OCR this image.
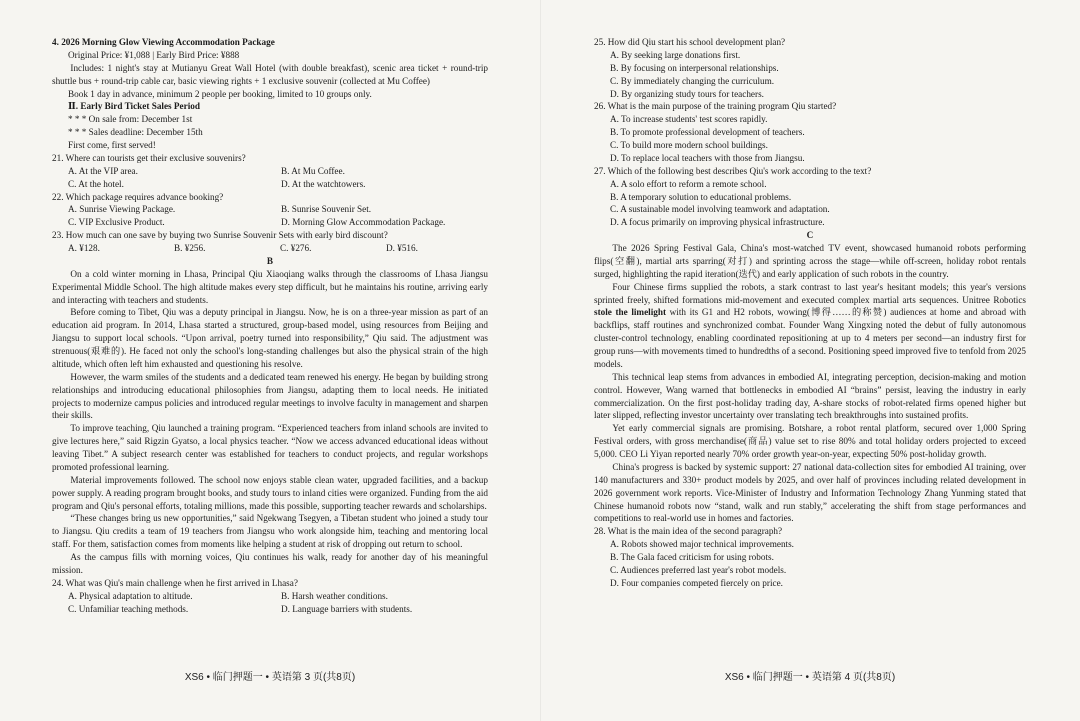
4. 2026 Morning Glow Viewing Accommodation Package

Original Price: ¥1,088 | Early Bird Price: ¥888

Includes: 1 night's stay at Mutianyu Great Wall Hotel (with double breakfast), scenic area ticket + round-trip shuttle bus + round-trip cable car, basic viewing rights + 1 exclusive souvenir (collected at Mu Coffee)

Book 1 day in advance, minimum 2 people per booking, limited to 10 groups only.

Ⅱ. Early Bird Ticket Sales Period

* * * On sale from: December 1st

* * * Sales deadline: December 15th

First come, first served!

21. Where can tourists get their exclusive souvenirs?

A. At the VIP area.	B. At Mu Coffee.
C. At the hotel.	D. At the watchtowers.

22. Which package requires advance booking?

A. Sunrise Viewing Package.	B. Sunrise Souvenir Set.
C. VIP Exclusive Product.	D. Morning Glow Accommodation Package.

23. How much can one save by buying two Sunrise Souvenir Sets with early bird discount?

A. ¥128.	B. ¥256.	C. ¥276.	D. ¥516.

B

On a cold winter morning in Lhasa, Principal Qiu Xiaoqiang walks through the classrooms of Lhasa Jiangsu Experimental Middle School. The high altitude makes every step difficult, but he maintains his routine, arriving early and interacting with teachers and students.

Before coming to Tibet, Qiu was a deputy principal in Jiangsu. Now, he is on a three-year mission as part of an education aid program. In 2014, Lhasa started a structured, group-based model, using resources from Beijing and Jiangsu to support local schools. “Upon arrival, poetry turned into responsibility,” Qiu said. The adjustment was strenuous(艰难的). He faced not only the school's long-standing challenges but also the physical strain of the high altitude, which often left him exhausted and questioning his resolve.

However, the warm smiles of the students and a dedicated team renewed his energy. He began by building strong relationships and introducing educational philosophies from Jiangsu, adapting them to local needs. He initiated projects to modernize campus policies and introduced regular meetings to involve faculty in management and sharpen their skills.

To improve teaching, Qiu launched a training program. “Experienced teachers from inland schools are invited to give lectures here,” said Rigzin Gyatso, a local physics teacher. “Now we access advanced educational ideas without leaving Tibet.” A subject research center was established for teachers to conduct projects, and regular workshops promoted professional learning.

Material improvements followed. The school now enjoys stable clean water, upgraded facilities, and a backup power supply. A reading program brought books, and study tours to inland cities were organized. Funding from the aid program and Qiu's personal efforts, totaling millions, made this possible, supporting teacher rewards and scholarships.

“These changes bring us new opportunities,” said Ngekwang Tsegyen, a Tibetan student who joined a study tour to Jiangsu. Qiu credits a team of 19 teachers from Jiangsu who work alongside him, teaching and mentoring local staff. For them, satisfaction comes from moments like helping a student at risk of dropping out return to school.

As the campus fills with morning voices, Qiu continues his walk, ready for another day of his meaningful mission.

24. What was Qiu's main challenge when he first arrived in Lhasa?

A. Physical adaptation to altitude.	B. Harsh weather conditions.
C. Unfamiliar teaching methods.	D. Language barriers with students.
XS6 • 临门押题一 • 英语第 3 页(共8页)

25. How did Qiu start his school development plan?

A. By seeking large donations first.

B. By focusing on interpersonal relationships.

C. By immediately changing the curriculum.

D. By organizing study tours for teachers.

26. What is the main purpose of the training program Qiu started?

A. To increase students' test scores rapidly.

B. To promote professional development of teachers.

C. To build more modern school buildings.

D. To replace local teachers with those from Jiangsu.

27. Which of the following best describes Qiu's work according to the text?

A. A solo effort to reform a remote school.

B. A temporary solution to educational problems.

C. A sustainable model involving teamwork and adaptation.

D. A focus primarily on improving physical infrastructure.

C

The 2026 Spring Festival Gala, China's most-watched TV event, showcased humanoid robots performing flips(空翻), martial arts sparring(对打) and sprinting across the stage—while off-screen, holiday robot rentals surged, highlighting the rapid iteration(迭代) and early application of such robots in the country.

Four Chinese firms supplied the robots, a stark contrast to last year's hesitant models; this year's versions sprinted freely, shifted formations mid-movement and executed complex martial arts sequences. Unitree Robotics stole the limelight with its G1 and H2 robots, wowing(博得……的称赞) audiences at home and abroad with backflips, staff routines and synchronized combat. Founder Wang Xingxing noted the debut of fully autonomous cluster-control technology, enabling coordinated repositioning at up to 4 meters per second—an industry first for group runs—with movements timed to hundredths of a second. Positioning speed improved five to tenfold from 2025 models.

This technical leap stems from advances in embodied AI, integrating perception, decision-making and motion control. However, Wang warned that bottlenecks in embodied AI “brains” persist, leaving the industry in early commercialization. On the first post-holiday trading day, A-share stocks of robot-related firms opened higher but later slipped, reflecting investor uncertainty over translating tech breakthroughs into sustained profits.

Yet early commercial signals are promising. Botshare, a robot rental platform, secured over 1,000 Spring Festival orders, with gross merchandise(商品) value set to rise 80% and total holiday orders projected to exceed 5,000. CEO Li Yiyan reported nearly 70% order growth year-on-year, expecting 50% post-holiday growth.

China's progress is backed by systemic support: 27 national data-collection sites for embodied AI training, over 140 manufacturers and 330+ product models by 2025, and over half of provinces including related development in 2026 government work reports. Vice-Minister of Industry and Information Technology Zhang Yunming stated that Chinese humanoid robots now “stand, walk and run stably,” accelerating the shift from stage performances and competitions to real-world use in homes and factories.

28. What is the main idea of the second paragraph?

A. Robots showed major technical improvements.

B. The Gala faced criticism for using robots.

C. Audiences preferred last year's robot models.

D. Four companies competed fiercely on price.

XS6 • 临门押题一 • 英语第 4 页(共8页)
